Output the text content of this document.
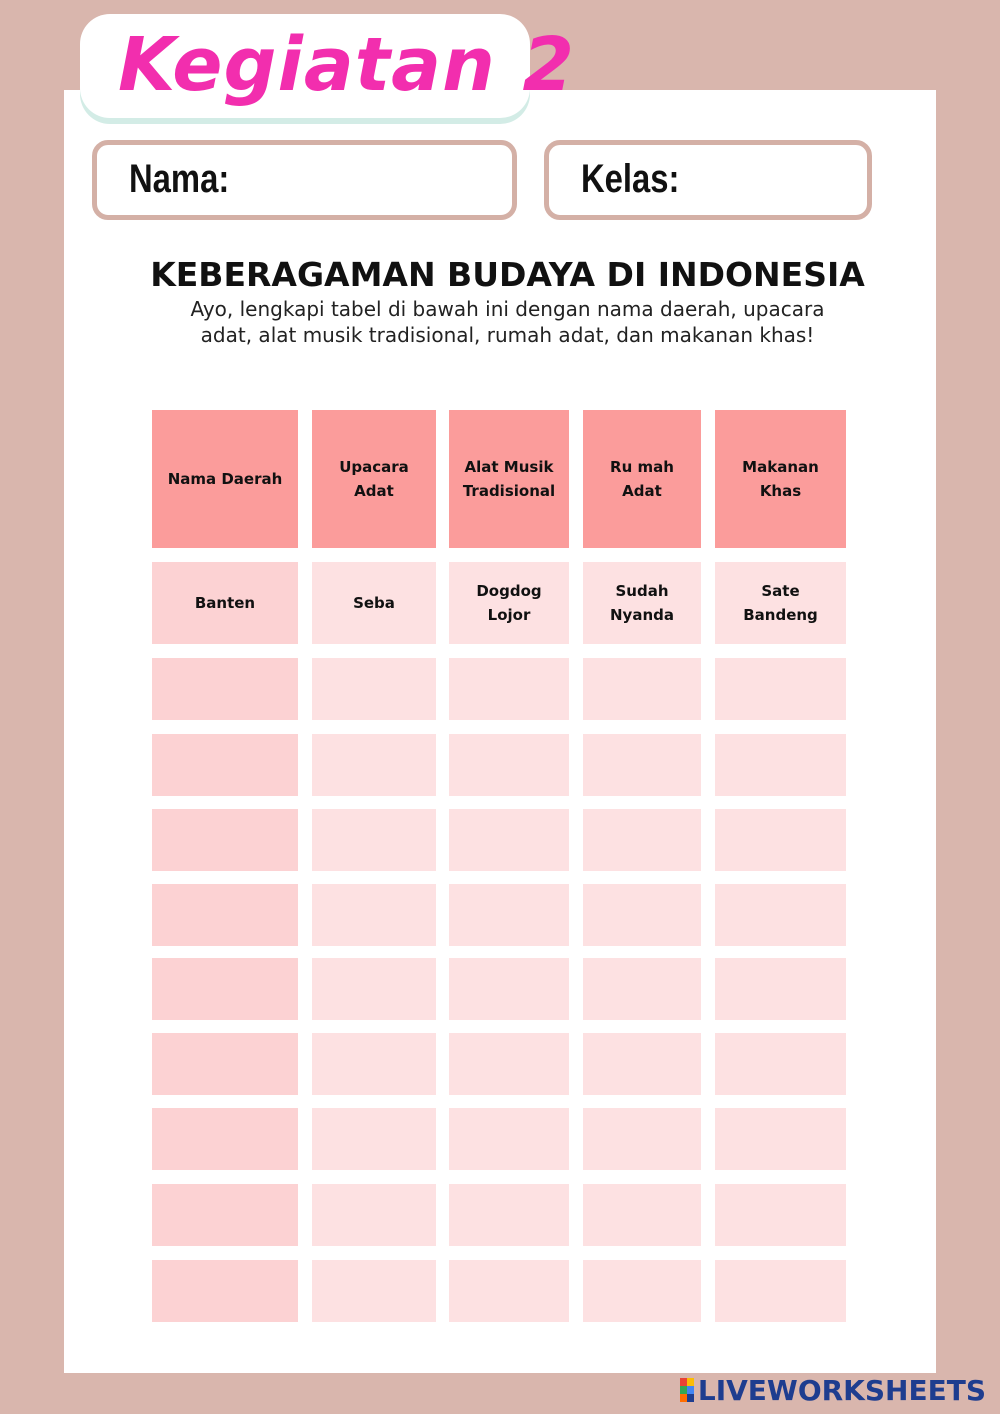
Kegiatan 2
Nama:	Kelas:
KEBERAGAMAN BUDAYA DI INDONESIA
Ayo, lengkapi tabel di bawah ini dengan nama daerah, upacara
adat, alat musik tradisional, rumah adat, dan makanan khas!
Nama Daerah
Upacara
Adat
Alat Musik
Tradisional
Ru mah
Adat
Makanan
Khas
Banten	Seba
Dogdog
Lojor
Sudah
Nyanda
Sate
Bandeng
LIVEWORKSHEETS
